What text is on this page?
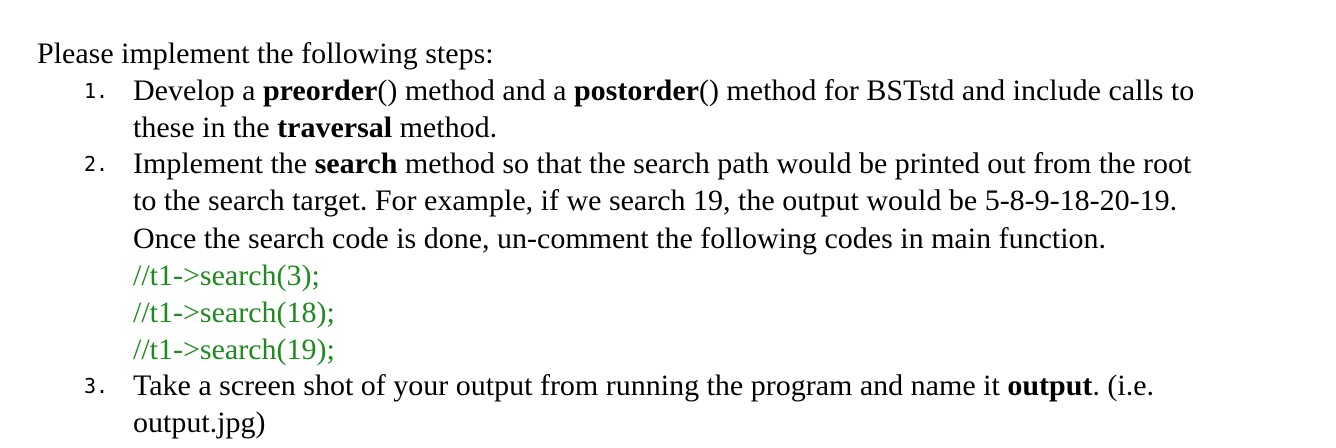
Please implement the following steps:
1. Develop a preorder() method and a postorder() method for BSTstd and include calls to
these in the traversal method.
2. Implement the search method so that the search path would be printed out from the root
to the search target. For example, if we search 19, the output would be 5-8-9-18-20-19.
Once the search code is done, un-comment the following codes in main function.
//t1->search(3);
//t1->search(18);
//t1->search(19);
3. Take a screen shot of your output from running the program and name it output. (i.e.
output.jpg)
